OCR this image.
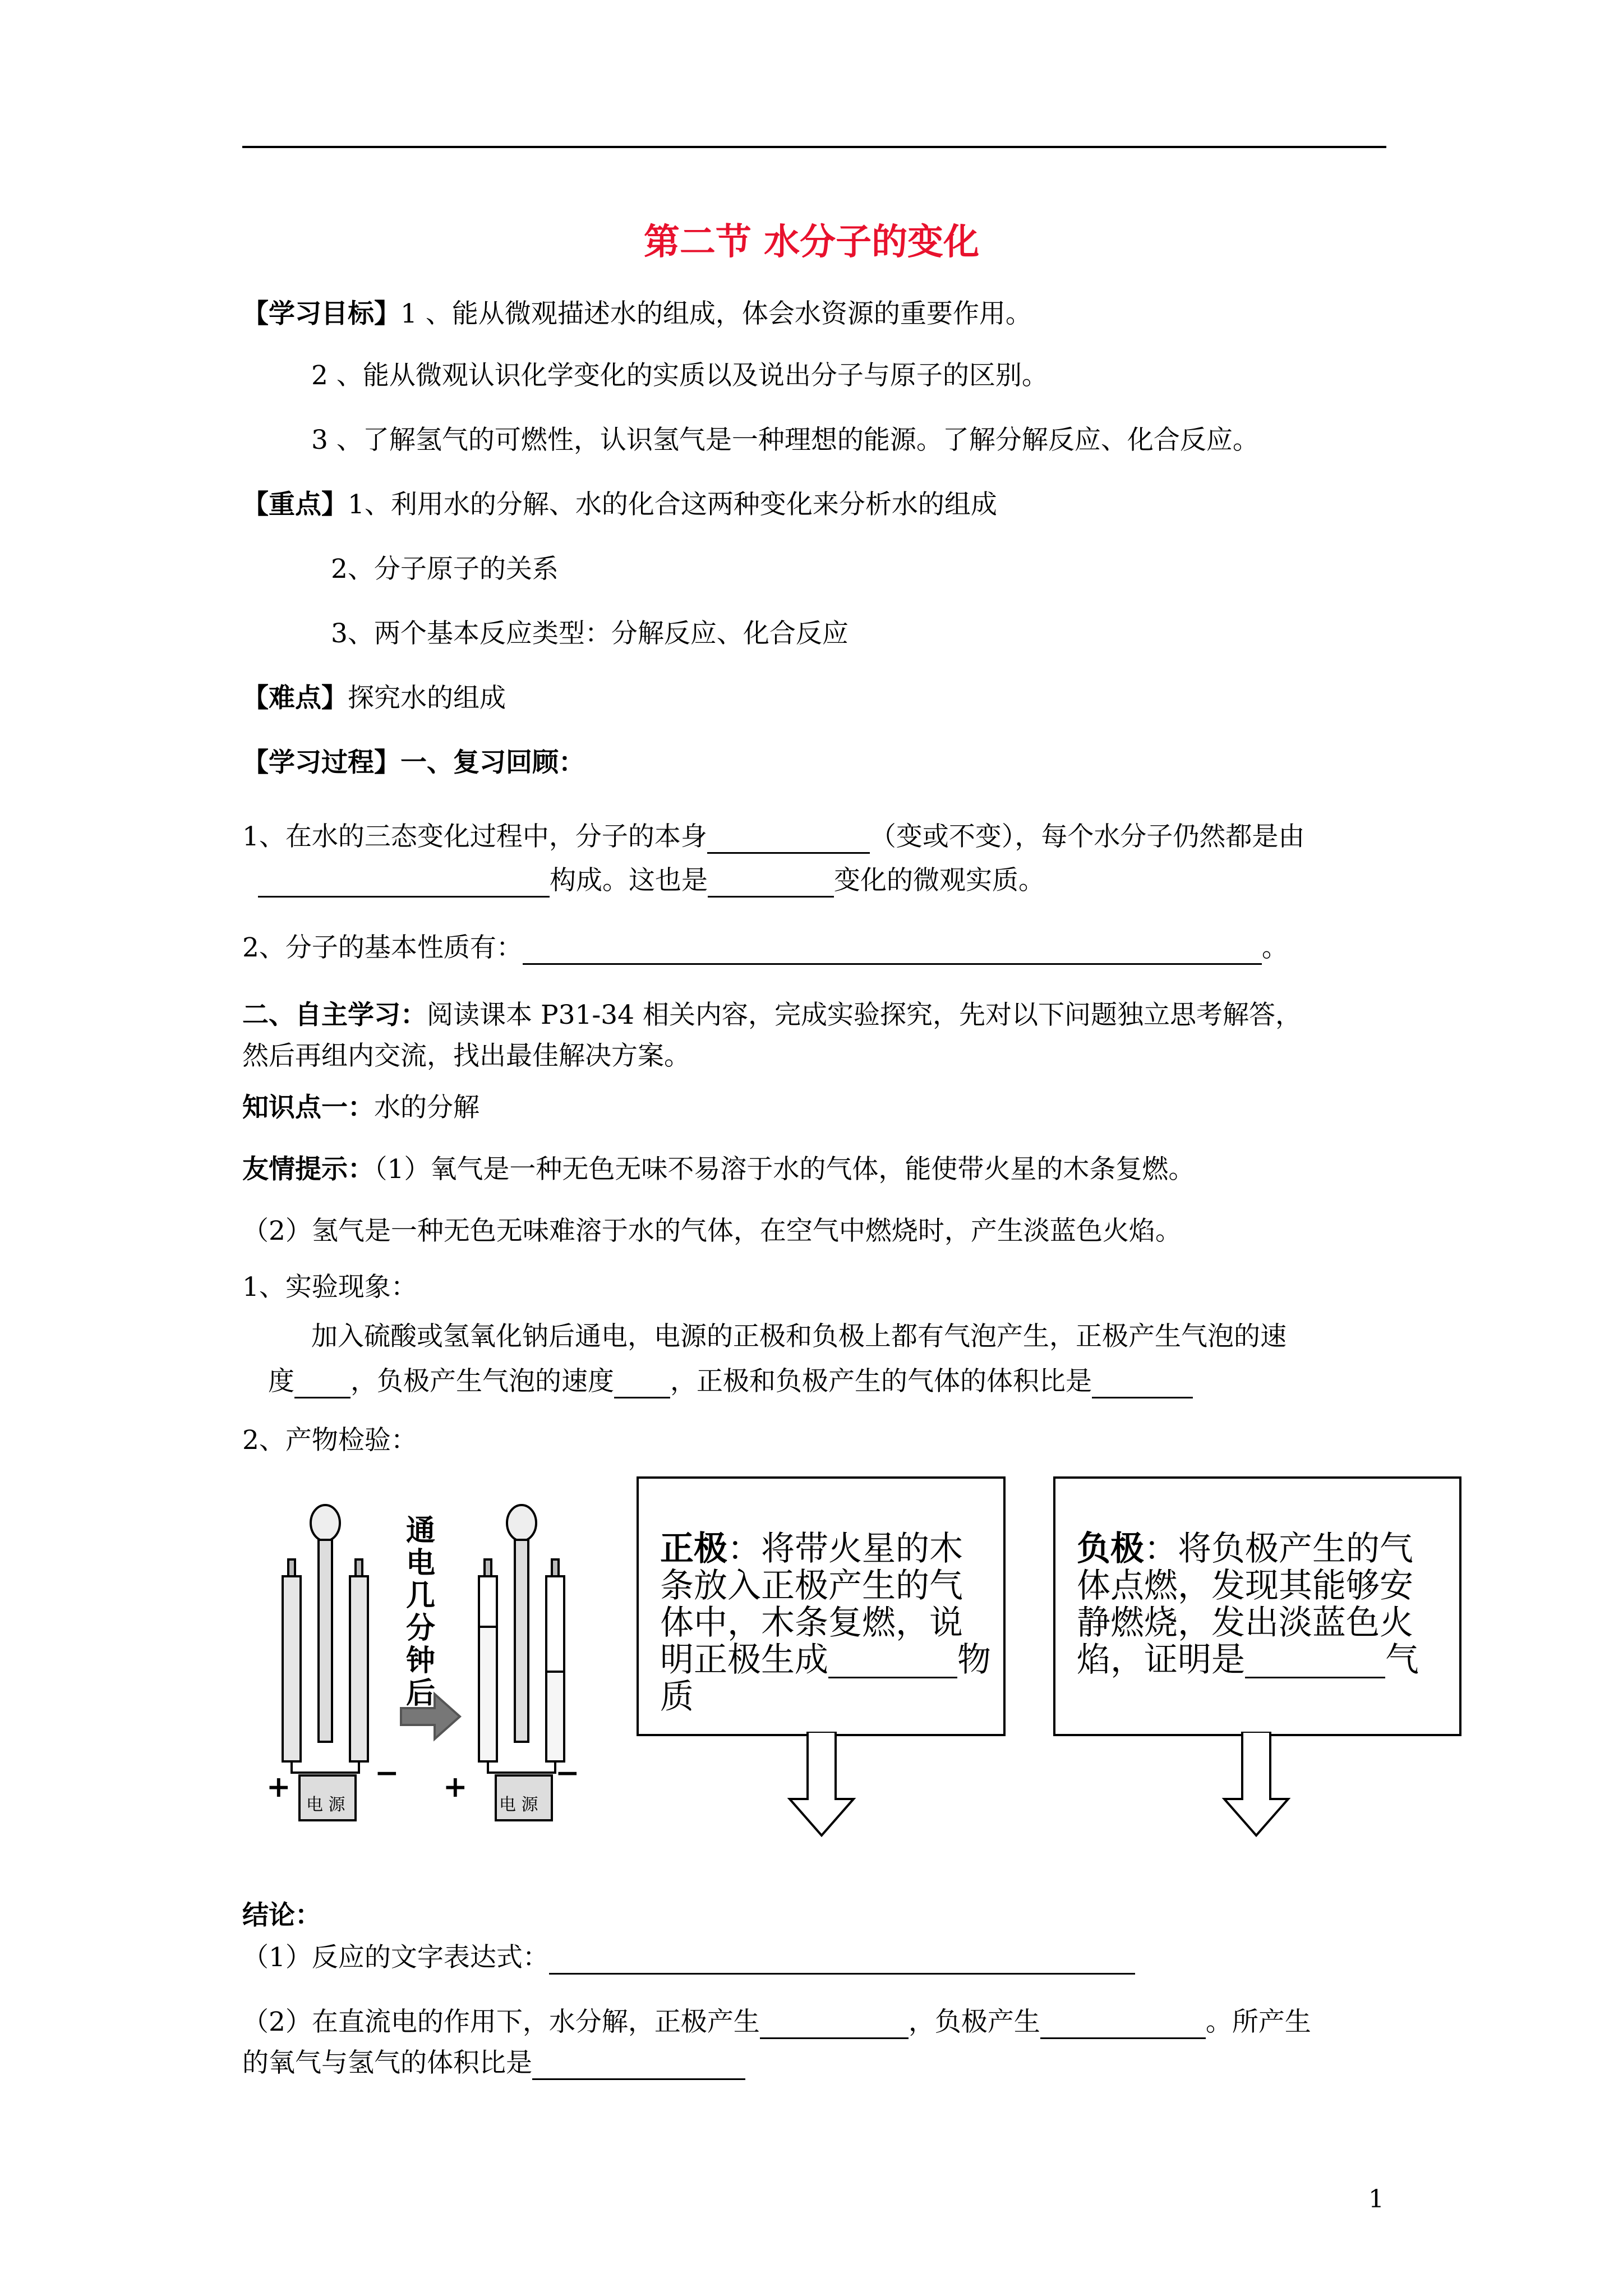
第二节 水分子的变化
【学习目标】1 、能从微观描述水的组成，体会水资源的重要作用。
2 、能从微观认识化学变化的实质以及说出分子与原子的区别。
3 、了解氢气的可燃性，认识氢气是一种理想的能源。了解分解反应、化合反应。
【重点】1、利用水的分解、水的化合这两种变化来分析水的组成
2、分子原子的关系
3、两个基本反应类型：分解反应、化合反应
【难点】探究水的组成
【学习过程】一、复习回顾：
1、在水的三态变化过程中，分子的本身	（变或不变），每个水分子仍然都是由
构成。这也是	变化的微观实质。
2、分子的基本性质有：	。
二、自主学习：阅读课本 P31-34 相关内容，完成实验探究，先对以下问题独立思考解答，
然后再组内交流，找出最佳解决方案。
知识点一：水的分解
友情提示：（1）氧气是一种无色无味不易溶于水的气体，能使带火星的木条复燃。
（2）氢气是一种无色无味难溶于水的气体，在空气中燃烧时，产生淡蓝色火焰。
1、实验现象：
加入硫酸或氢氧化钠后通电，电源的正极和负极上都有气泡产生，正极产生气泡的速
度 ，负极产生气泡的速度 ，正极和负极产生的气体的体积比是
2、产物检验：
通
电
几
分
钟
后
电 源	电 源
+	− +	−
正极：将带火星的木条放入正极产生的气体中，木条复燃，说明正极生成	物质
负极：将负极产生的气体点燃，发现其能够安静燃烧，发出淡蓝色火焰，证明是	气
结论：
（1）反应的文字表达式：
（2）在直流电的作用下，水分解，正极产生	，负极产生	。所产生
的氧气与氢气的体积比是
1
